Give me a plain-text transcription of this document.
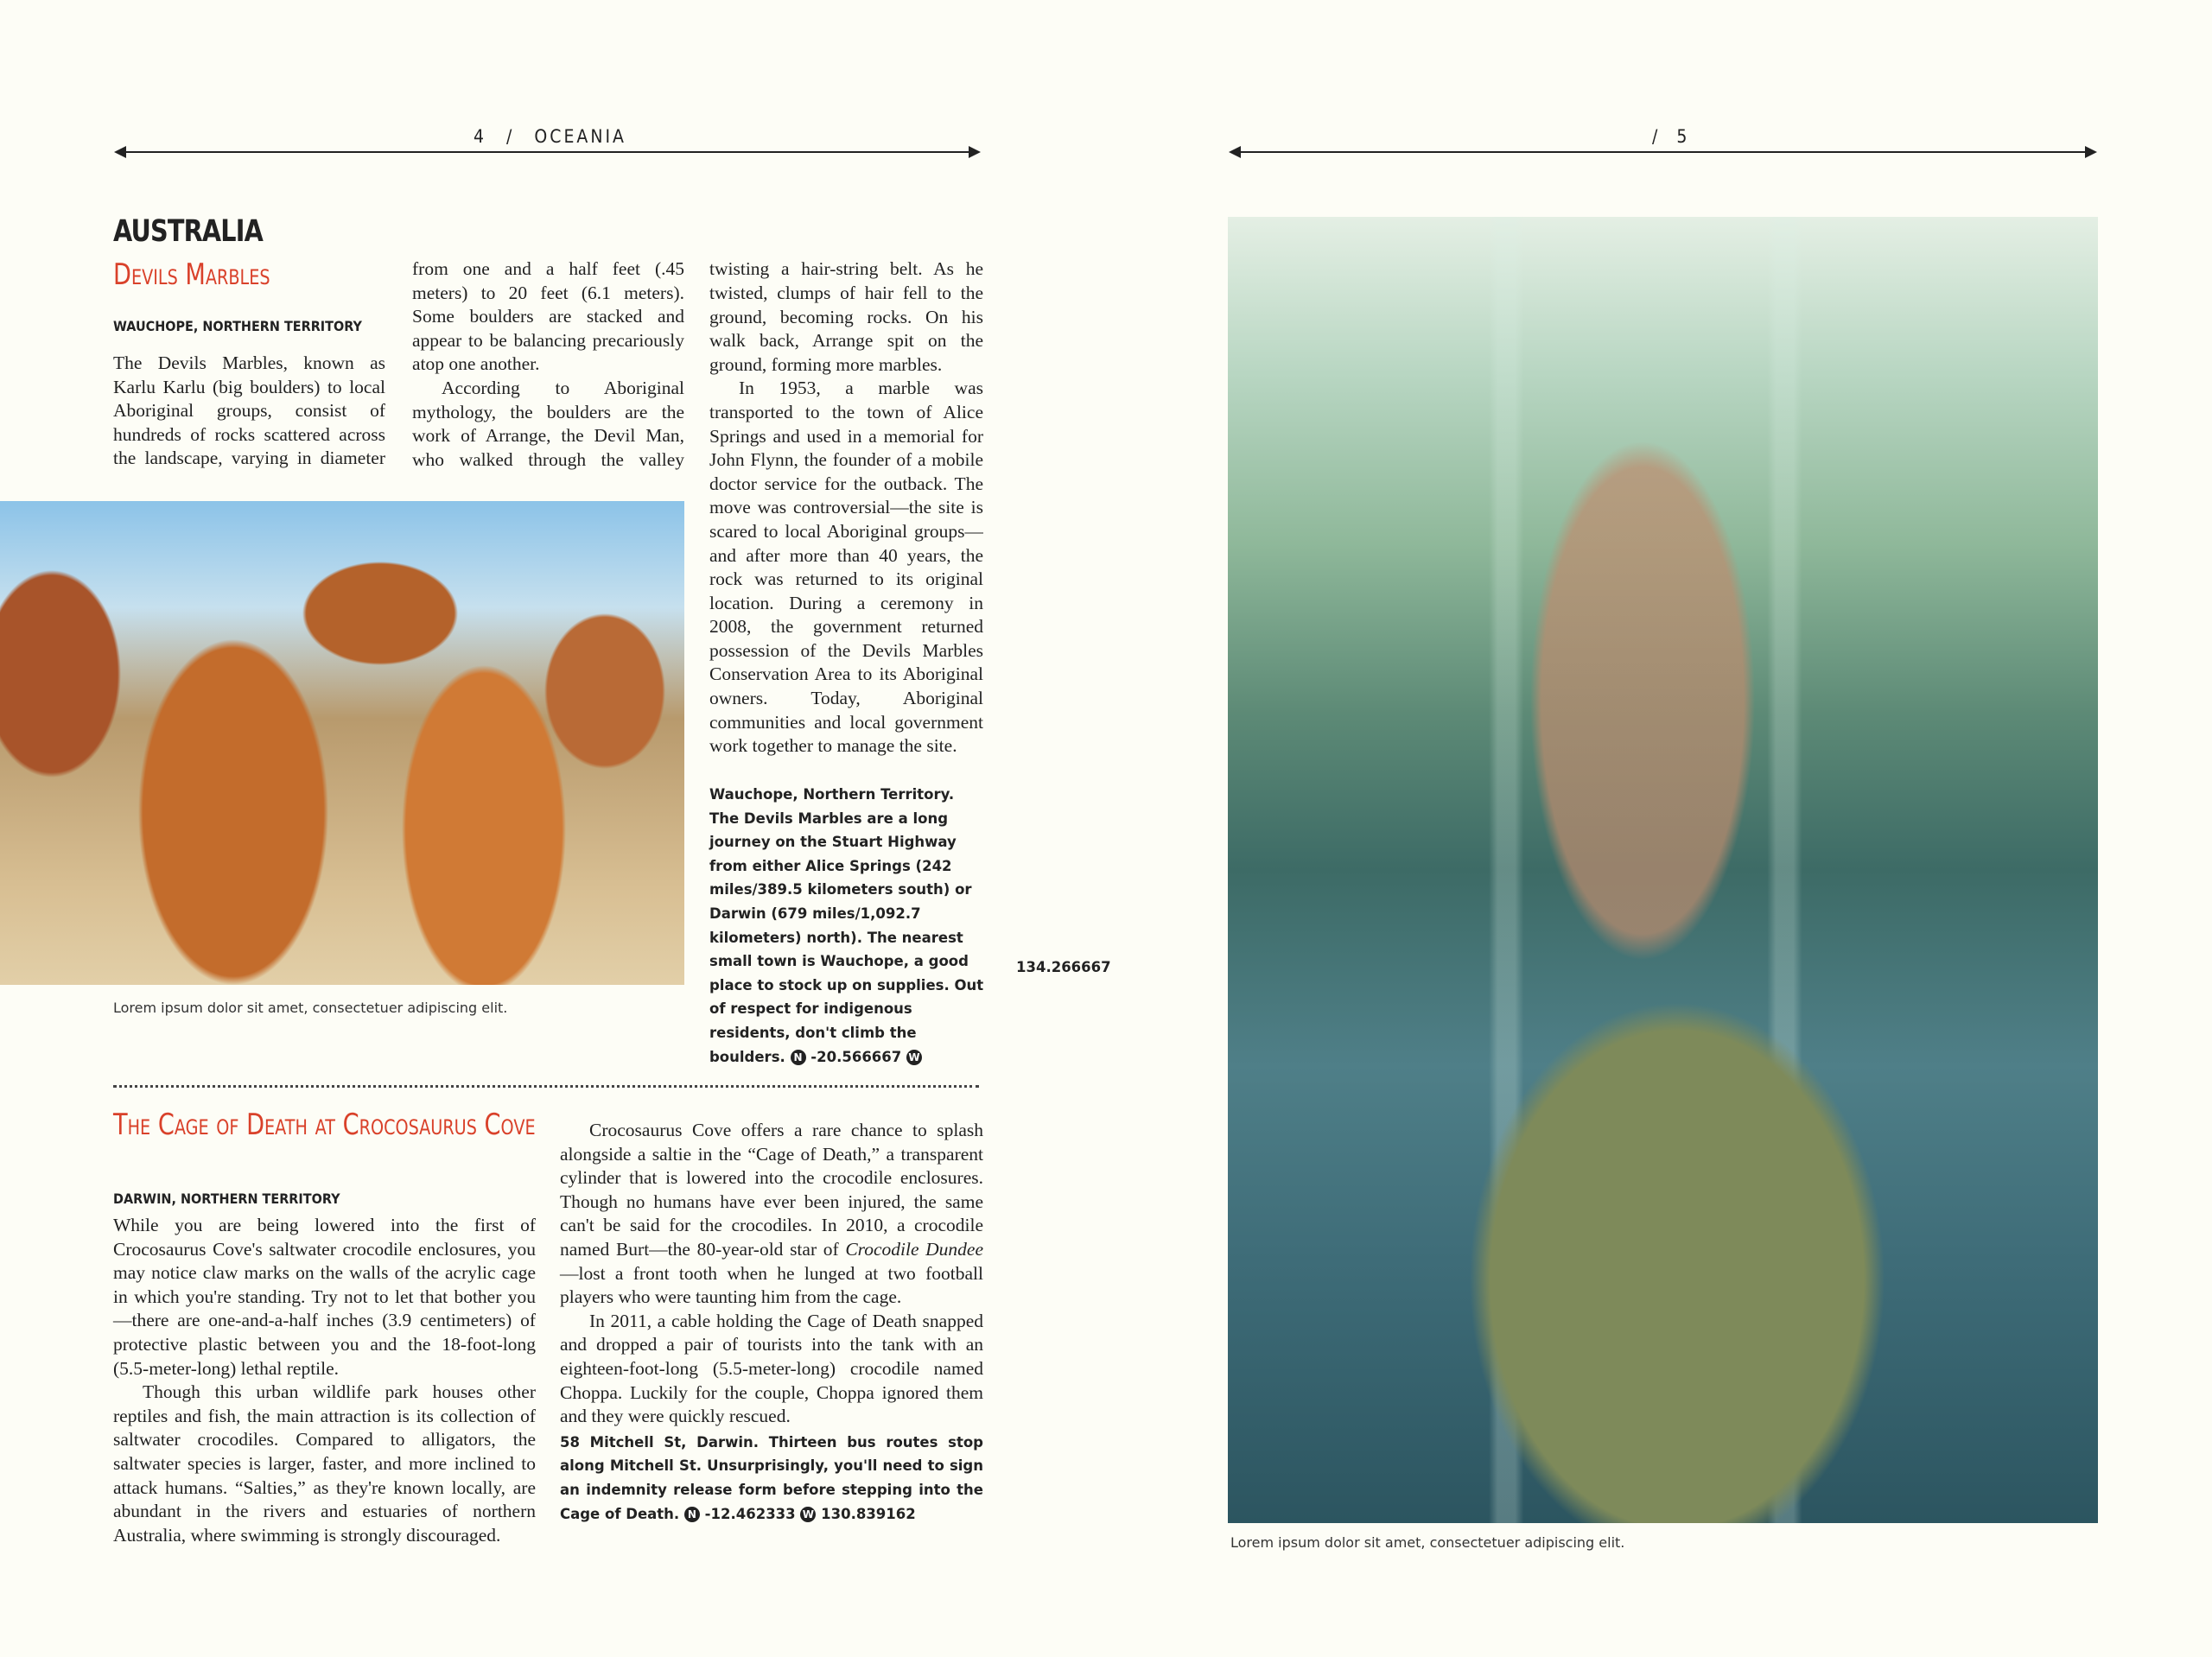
4 / OCEANIA	/ 5
AUSTRALIA
Devils Marbles
WAUCHOPE, NORTHERN TERRITORY

The Devils Marbles, known as Karlu Karlu (big boulders) to local Aboriginal groups, consist of hundreds of rocks scattered across the landscape, varying in diameter

from one and a half feet (.45 meters) to 20 feet (6.1 meters). Some boulders are stacked and appear to be balancing precariously atop one another.

According to Aboriginal mythology, the boulders are the work of Arrange, the Devil Man, who walked through the valley

twisting a hair-string belt. As he twisted, clumps of hair fell to the ground, becoming rocks. On his walk back, Arrange spit on the ground, forming more marbles.

In 1953, a marble was transported to the town of Alice Springs and used in a memorial for John Flynn, the founder of a mobile doctor service for the outback. The move was controversial—the site is scared to local Aboriginal groups—and after more than 40 years, the rock was returned to its original location. During a ceremony in 2008, the government returned possession of the Devils Marbles Conservation Area to its Aboriginal owners. Today, Aboriginal communities and local government work together to manage the site.

Wauchope, Northern Territory. The Devils Marbles are a long journey on the Stuart Highway from either Alice Springs (242 miles/389.5 kilometers south) or Darwin (679 miles/1,092.7 kilometers) north). The nearest small town is Wauchope, a good place to stock up on supplies. Out of respect for indigenous residents, don't climb the boulders. N -20.566667 W
134.266667
Lorem ipsum dolor sit amet, consectetuer adipiscing elit.
The Cage of Death at Crocosaurus Cove
DARWIN, NORTHERN TERRITORY

While you are being lowered into the first of Crocosaurus Cove's saltwater crocodile enclosures, you may notice claw marks on the walls of the acrylic cage in which you're standing. Try not to let that bother you—there are one-and-a-half inches (3.9 centimeters) of protective plastic between you and the 18-foot-long (5.5-meter-long) lethal reptile.

Though this urban wildlife park houses other reptiles and fish, the main attraction is its collection of saltwater crocodiles. Compared to alligators, the saltwater species is larger, faster, and more inclined to attack humans. “Salties,” as they're known locally, are abundant in the rivers and estuaries of northern Australia, where swimming is strongly discouraged.

Crocosaurus Cove offers a rare chance to splash alongside a saltie in the “Cage of Death,” a transparent cylinder that is lowered into the crocodile enclosures. Though no humans have ever been injured, the same can't be said for the crocodiles. In 2010, a crocodile named Burt—the 80-year-old star of Crocodile Dundee—lost a front tooth when he lunged at two football players who were taunting him from the cage.

In 2011, a cable holding the Cage of Death snapped and dropped a pair of tourists into the tank with an eighteen-foot-long (5.5-meter-long) crocodile named Choppa. Luckily for the couple, Choppa ignored them and they were quickly rescued.

58 Mitchell St, Darwin. Thirteen bus routes stop along Mitchell St. Unsurprisingly, you'll need to sign an indemnity release form before stepping into the Cage of Death. N -12.462333 W 130.839162
Lorem ipsum dolor sit amet, consectetuer adipiscing elit.
